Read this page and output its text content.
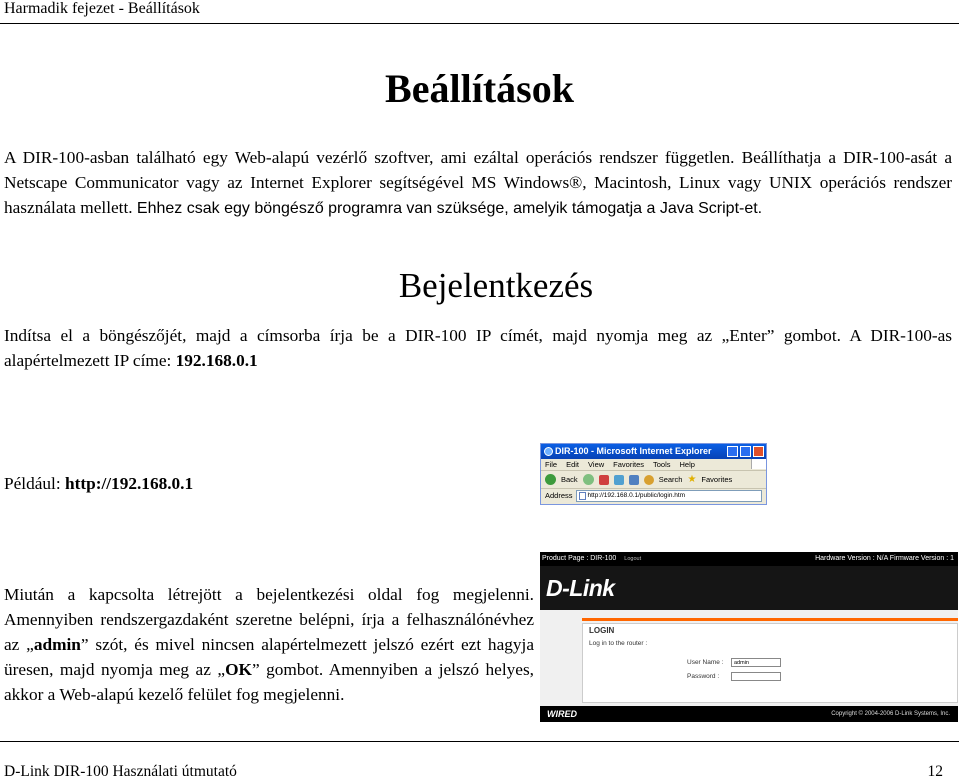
Harmadik fejezet - Beállítások
Beállítások
A DIR-100-asban található egy Web-alapú vezérlő szoftver, ami ezáltal operációs rendszer független. Beállíthatja a DIR-100-asát a Netscape Communicator vagy az Internet Explorer segítségével MS Windows®, Macintosh, Linux vagy UNIX operációs rendszer használata mellett. Ehhez csak egy böngésző programra van szüksége, amelyik támogatja a Java Script-et.
Bejelentkezés
Indítsa el a böngészőjét, majd a címsorba írja be a DIR-100 IP címét, majd nyomja meg az „Enter” gombot. A DIR-100-as alapértelmezett IP címe: 192.168.0.1
Például: http://192.168.0.1
DIR-100 - Microsoft Internet Explorer
File Edit View Favorites Tools Help
Back	Search ★ Favorites
Address http://192.168.0.1/public/login.htm
Miután a kapcsolta létrejött a bejelentkezési oldal fog megjelenni. Amennyiben rendszergazdaként szeretne belépni, írja a felhasználónévhez az „admin” szót, és mivel nincsen alapértelmezett jelszó ezért ezt hagyja üresen, majd nyomja meg az „OK” gombot. Amennyiben a jelszó helyes, akkor a Web-alapú kezelő felület fog megjelenni.
Product Page : DIR-100 Logout	Hardware Version : N/A Firmware Version : 1
D-Link
LOGIN
Log in to the router :
User Name :	admin
Password :
WIRED	Copyright © 2004-2006 D-Link Systems, Inc.
D-Link DIR-100 Használati útmutató	12
